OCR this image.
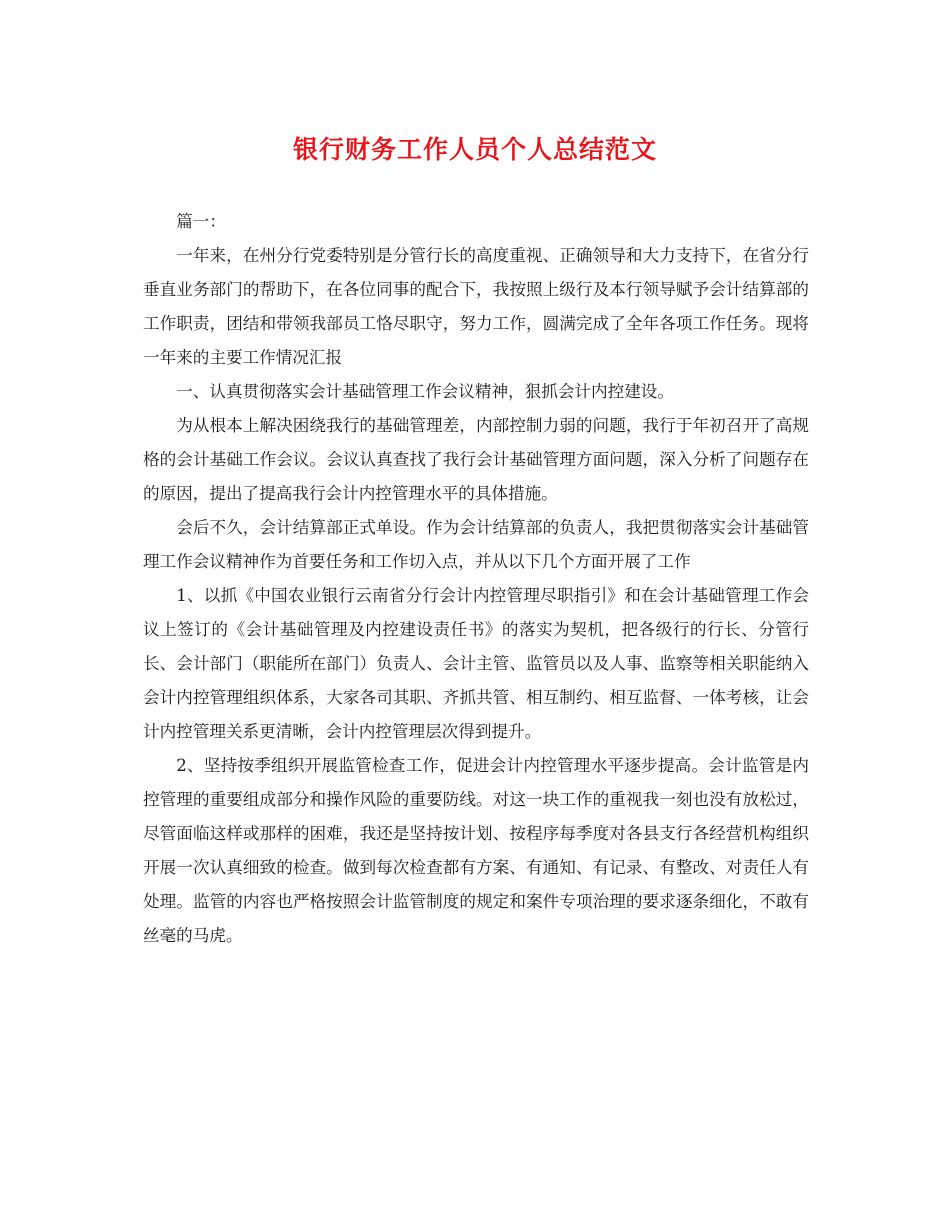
银行财务工作人员个人总结范文

篇一：

一年来，在州分行党委特别是分管行长的高度重视、正确领导和大力支持下，在省分行垂直业务部门的帮助下，在各位同事的配合下，我按照上级行及本行领导赋予会计结算部的工作职责，团结和带领我部员工恪尽职守，努力工作，圆满完成了全年各项工作任务。现将一年来的主要工作情况汇报

一、认真贯彻落实会计基础管理工作会议精神，狠抓会计内控建设。

为从根本上解决困绕我行的基础管理差，内部控制力弱的问题，我行于年初召开了高规格的会计基础工作会议。会议认真查找了我行会计基础管理方面问题，深入分析了问题存在的原因，提出了提高我行会计内控管理水平的具体措施。

会后不久，会计结算部正式单设。作为会计结算部的负责人，我把贯彻落实会计基础管理工作会议精神作为首要任务和工作切入点，并从以下几个方面开展了工作

1、以抓《中国农业银行云南省分行会计内控管理尽职指引》和在会计基础管理工作会议上签订的《会计基础管理及内控建设责任书》的落实为契机，把各级行的行长、分管行长、会计部门（职能所在部门）负责人、会计主管、监管员以及人事、监察等相关职能纳入会计内控管理组织体系，大家各司其职、齐抓共管、相互制约、相互监督、一体考核，让会计内控管理关系更清晰，会计内控管理层次得到提升。

2、坚持按季组织开展监管检查工作，促进会计内控管理水平逐步提高。会计监管是内控管理的重要组成部分和操作风险的重要防线。对这一块工作的重视我一刻也没有放松过，尽管面临这样或那样的困难，我还是坚持按计划、按程序每季度对各县支行各经营机构组织开展一次认真细致的检查。做到每次检查都有方案、有通知、有记录、有整改、对责任人有处理。监管的内容也严格按照会计监管制度的规定和案件专项治理的要求逐条细化，不敢有丝毫的马虎。
